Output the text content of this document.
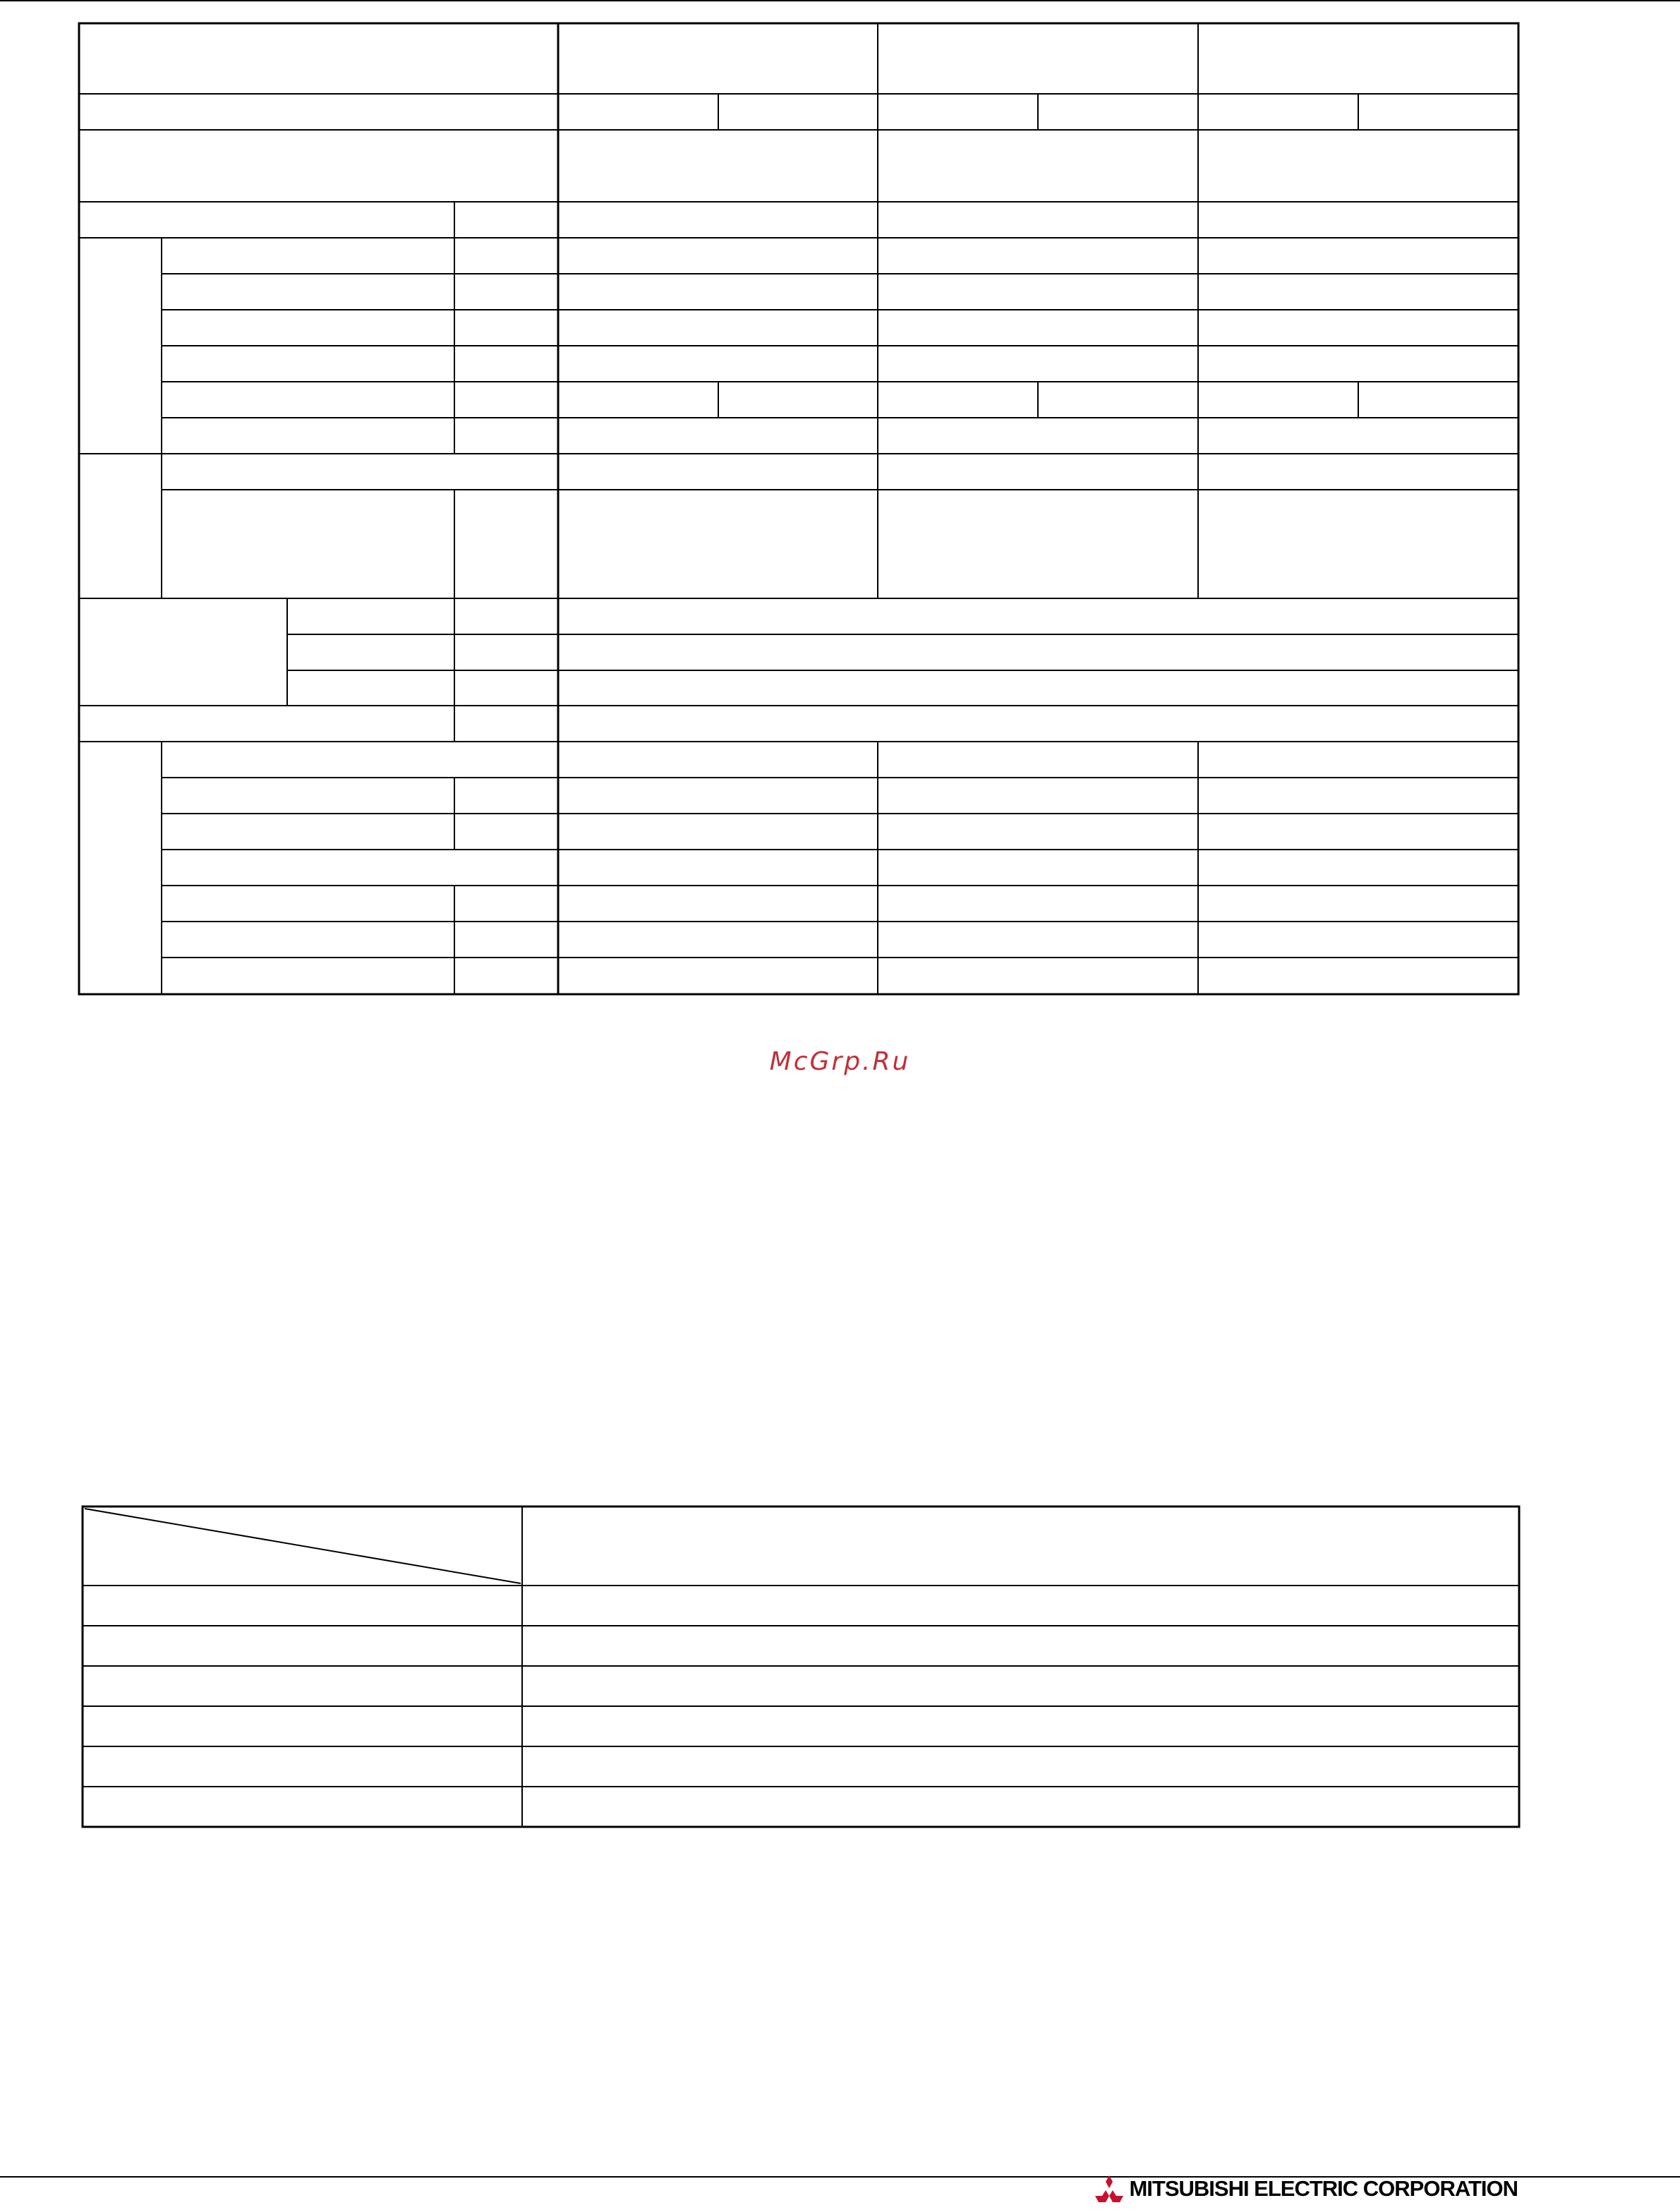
McGrp.Ru
MITSUBISHI ELECTRIC CORPORATION
